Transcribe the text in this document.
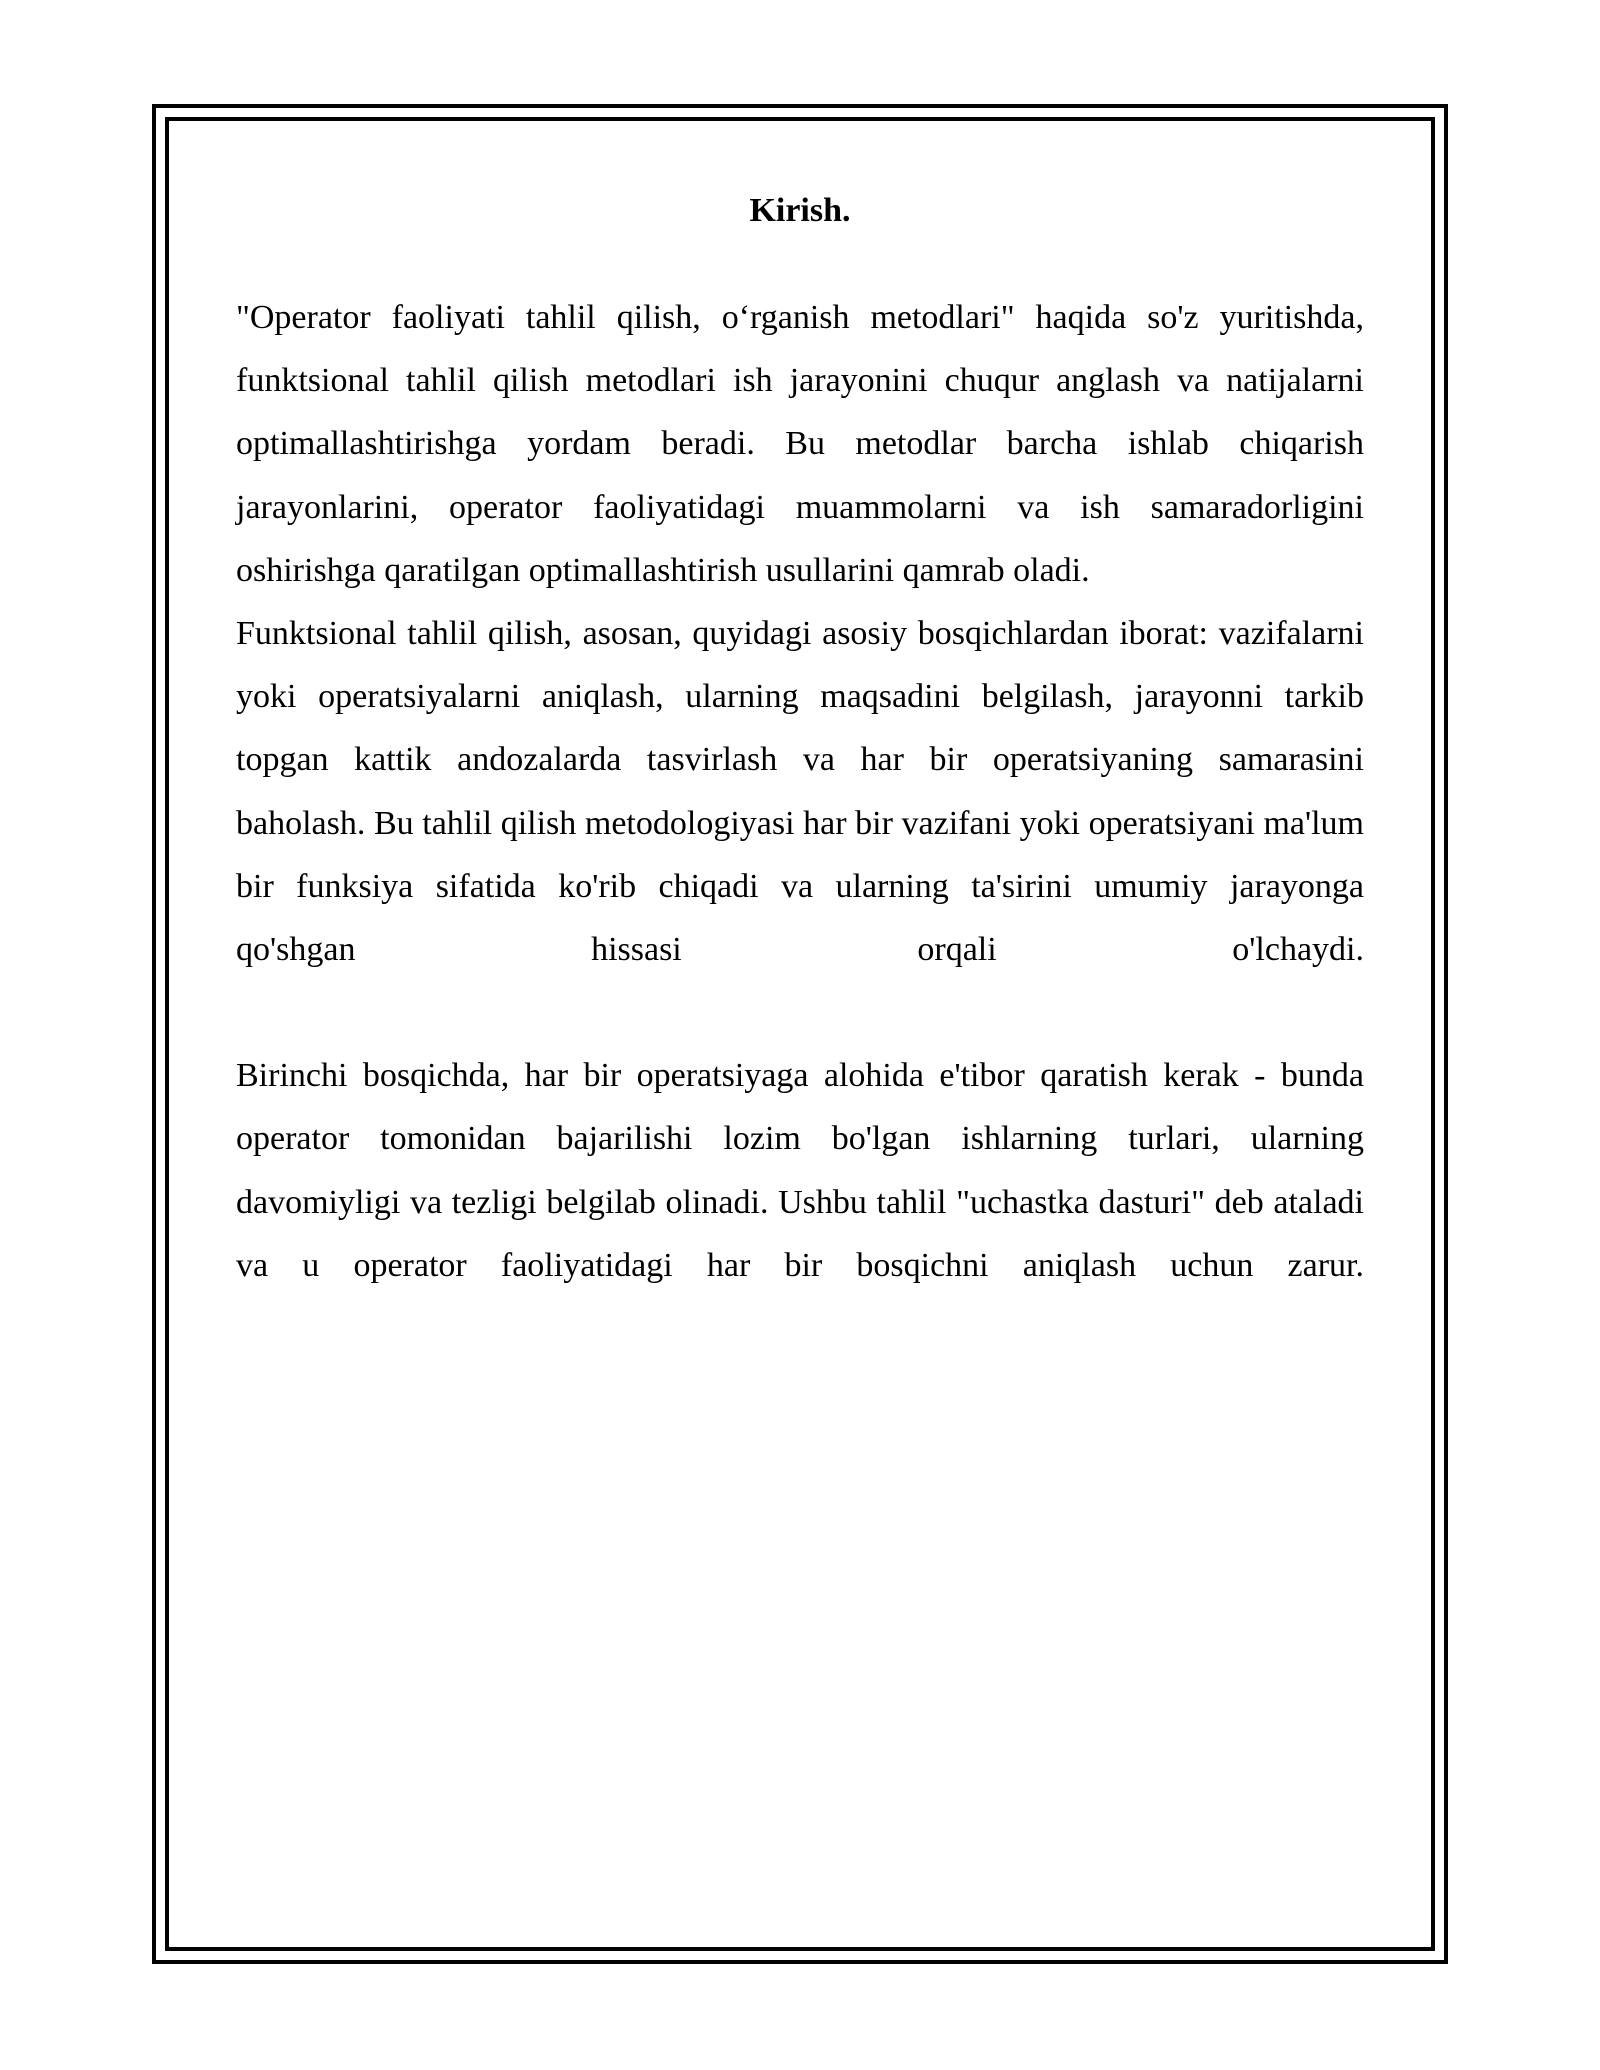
Kirish.

"Operator faoliyati tahlil qilish, o‘rganish metodlari" haqida so'z yuritishda, funktsional tahlil qilish metodlari ish jarayonini chuqur anglash va natijalarni optimallashtirishga yordam beradi. Bu metodlar barcha ishlab chiqarish jarayonlarini, operator faoliyatidagi muammolarni va ish samaradorligini oshirishga qaratilgan optimallashtirish usullarini qamrab oladi.

Funktsional tahlil qilish, asosan, quyidagi asosiy bosqichlardan iborat: vazifalarni yoki operatsiyalarni aniqlash, ularning maqsadini belgilash, jarayonni tarkib topgan kattik andozalarda tasvirlash va har bir operatsiyaning samarasini baholash. Bu tahlil qilish metodologiyasi har bir vazifani yoki operatsiyani ma'lum bir funksiya sifatida ko'rib chiqadi va ularning ta'sirini umumiy jarayonga qo'shgan hissasi orqali o'lchaydi.

Birinchi bosqichda, har bir operatsiyaga alohida e'tibor qaratish kerak - bunda operator tomonidan bajarilishi lozim bo'lgan ishlarning turlari, ularning davomiyligi va tezligi belgilab olinadi. Ushbu tahlil "uchastka dasturi" deb ataladi va u operator faoliyatidagi har bir bosqichni aniqlash uchun zarur.
